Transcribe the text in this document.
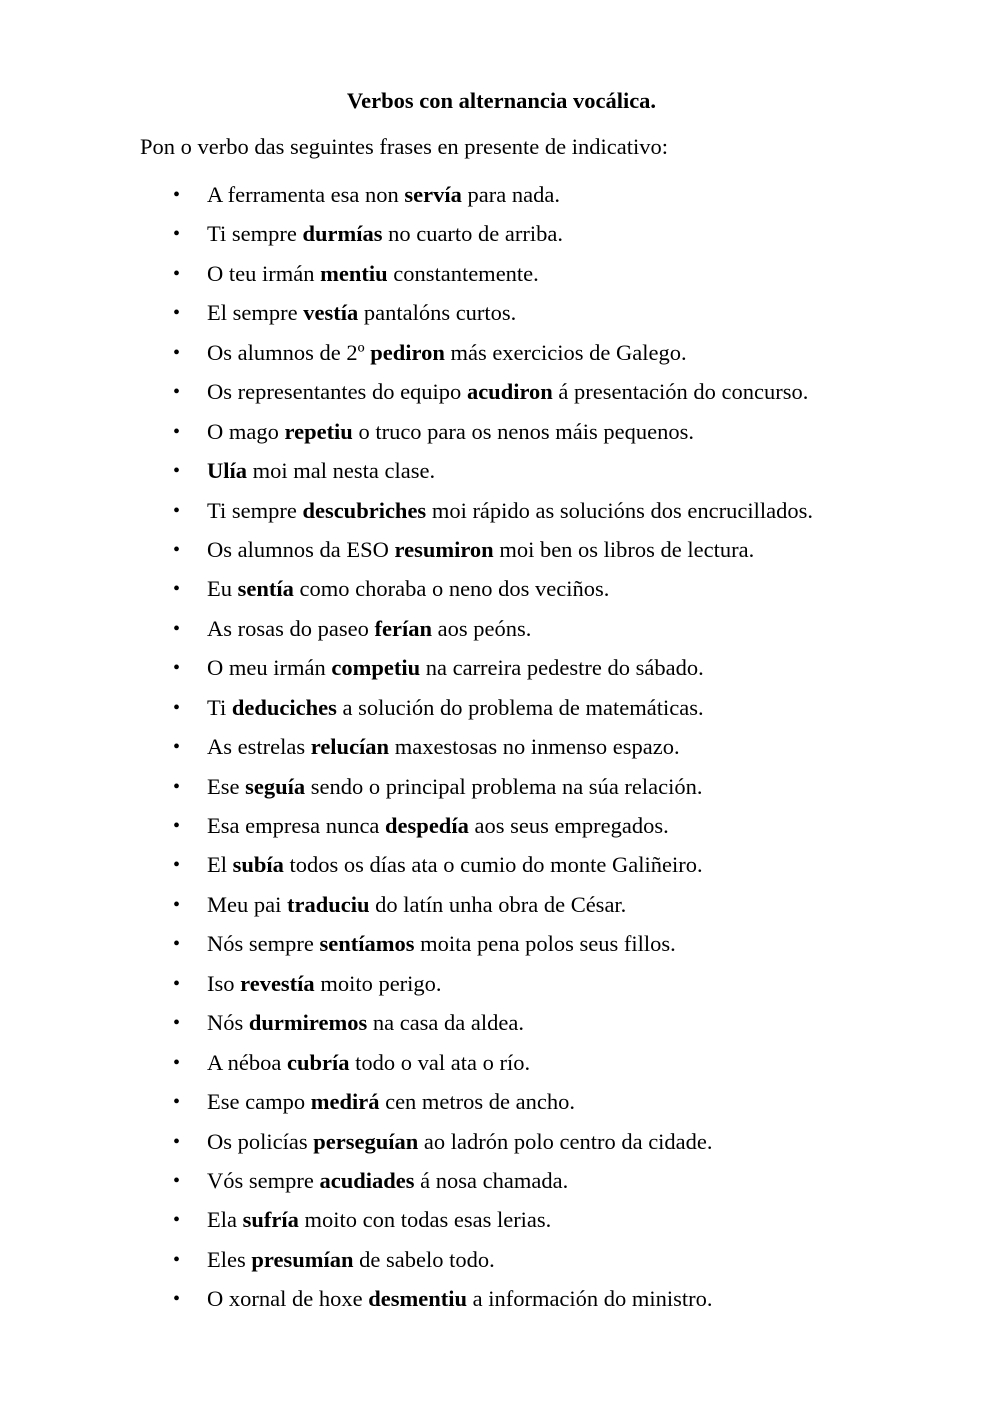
Verbos con alternancia vocálica.
Pon o verbo das seguintes frases en presente de indicativo:
• A ferramenta esa non servía para nada.
• Ti sempre durmías no cuarto de arriba.
• O teu irmán mentiu constantemente.
• El sempre vestía pantalóns curtos.
• Os alumnos de 2º pediron más exercicios de Galego.
• Os representantes do equipo acudiron á presentación do concurso.
• O mago repetiu o truco para os nenos máis pequenos.
• Ulía moi mal nesta clase.
• Ti sempre descubriches moi rápido as solucións dos encrucillados.
• Os alumnos da ESO resumiron moi ben os libros de lectura.
• Eu sentía como choraba o neno dos veciños.
• As rosas do paseo ferían aos peóns.
• O meu irmán competiu na carreira pedestre do sábado.
• Ti deduciches a solución do problema de matemáticas.
• As estrelas relucían maxestosas no inmenso espazo.
• Ese seguía sendo o principal problema na súa relación.
• Esa empresa nunca despedía aos seus empregados.
• El subía todos os días ata o cumio do monte Galiñeiro.
• Meu pai traduciu do latín unha obra de César.
• Nós sempre sentíamos moita pena polos seus fillos.
• Iso revestía moito perigo.
• Nós durmiremos na casa da aldea.
• A néboa cubría todo o val ata o río.
• Ese campo medirá cen metros de ancho.
• Os policías perseguían ao ladrón polo centro da cidade.
• Vós sempre acudiades á nosa chamada.
• Ela sufría moito con todas esas lerias.
• Eles presumían de sabelo todo.
• O xornal de hoxe desmentiu a información do ministro.
